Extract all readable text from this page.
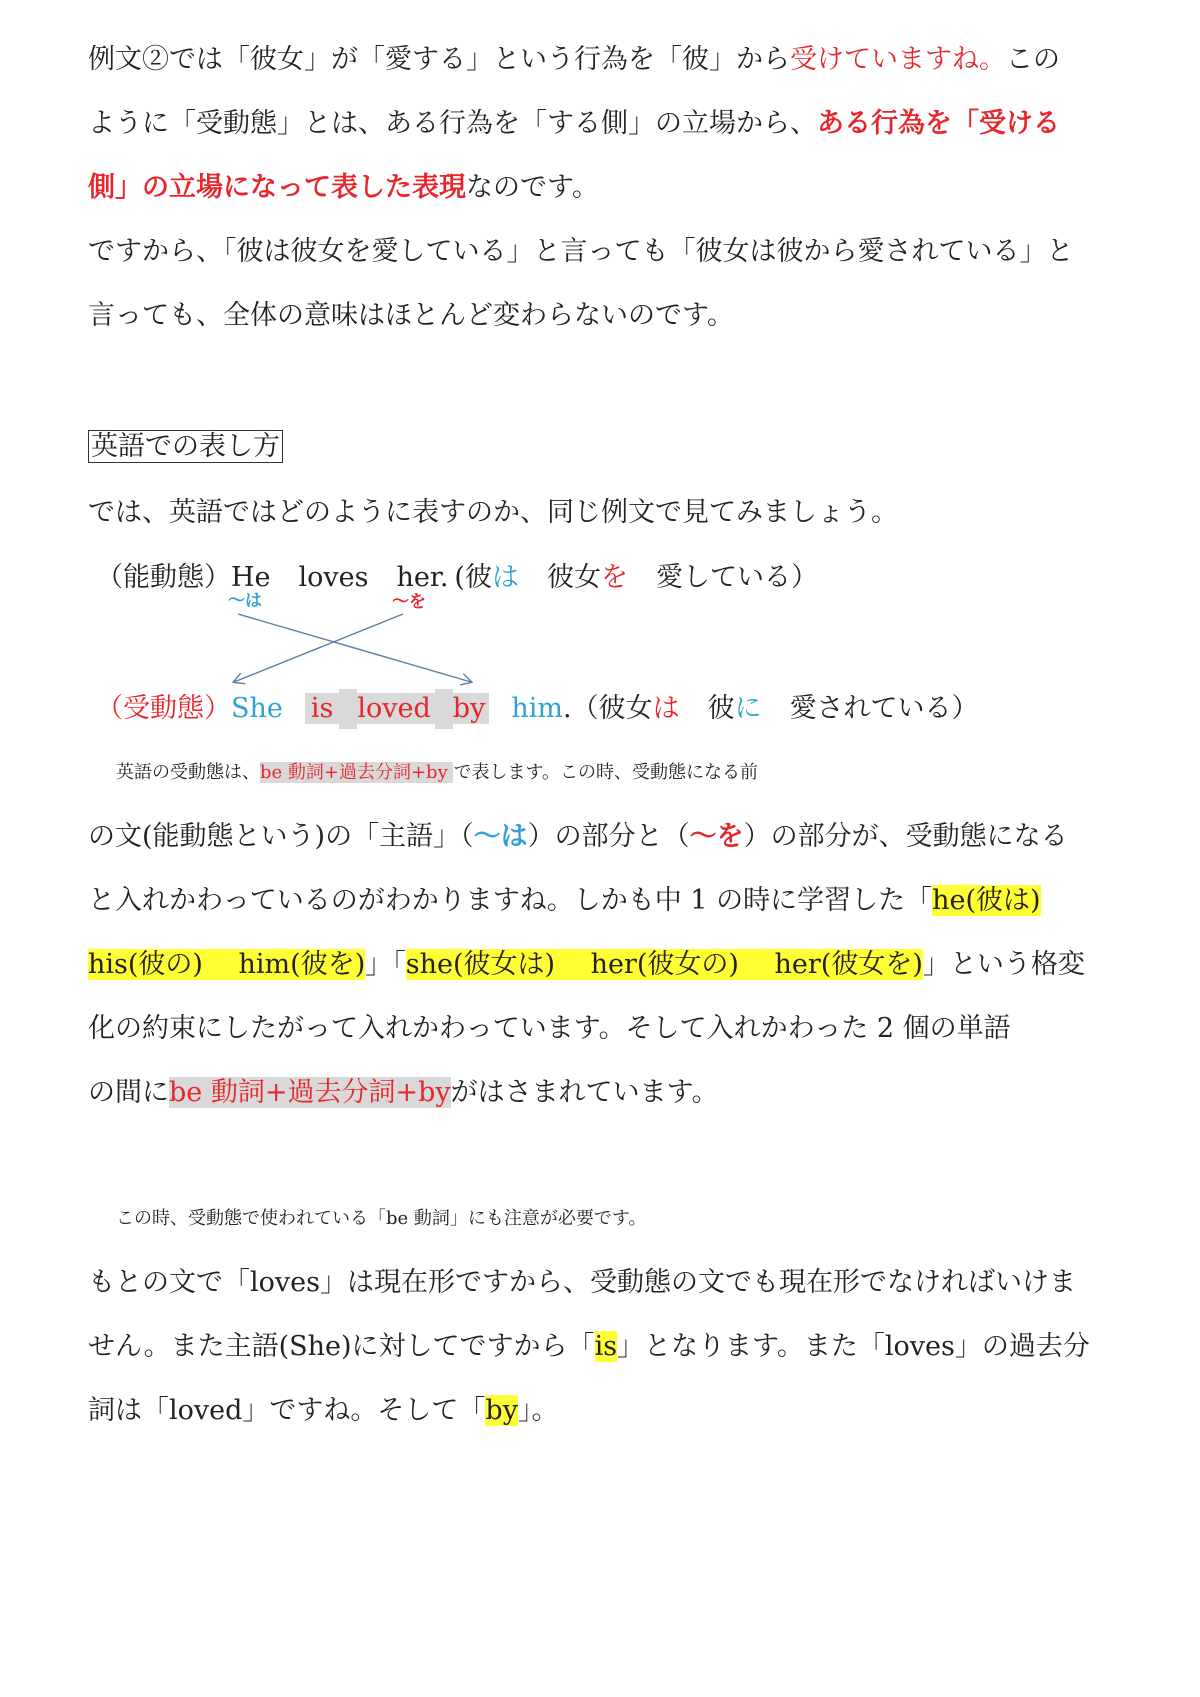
例文②では「彼女」が「愛する」という行為を「彼」から受けていますね。この
ように「受動態」とは、ある行為を「する側」の立場から、ある行為を「受ける
側」の立場になって表した表現なのです。
ですから、「彼は彼女を愛している」と言っても「彼女は彼から愛されている」と
言っても、全体の意味はほとんど変わらないのです。
英語での表し方
では、英語ではどのように表すのか、同じ例文で見てみましょう。
（能動態）He loves her. (彼は 彼女を 愛している）
〜は	〜を
（受動態）She is loved by him.（彼女は 彼に 愛されている）
英語の受動態は、be 動詞+過去分詞+by で表します。この時、受動態になる前
の文(能動態という)の「主語」（〜は）の部分と（〜を）の部分が、受動態になる
と入れかわっているのがわかりますね。しかも中 1 の時に学習した「he(彼は)
his(彼の)　 him(彼を)」「she(彼女は)　 her(彼女の)　 her(彼女を)」という格変
化の約束にしたがって入れかわっています。そして入れかわった 2 個の単語
の間にbe 動詞+過去分詞+byがはさまれています。
この時、受動態で使われている「be 動詞」にも注意が必要です。
もとの文で「loves」は現在形ですから、受動態の文でも現在形でなければいけま
せん。また主語(She)に対してですから「is」となります。また「loves」の過去分
詞は「loved」ですね。そして「by」。
